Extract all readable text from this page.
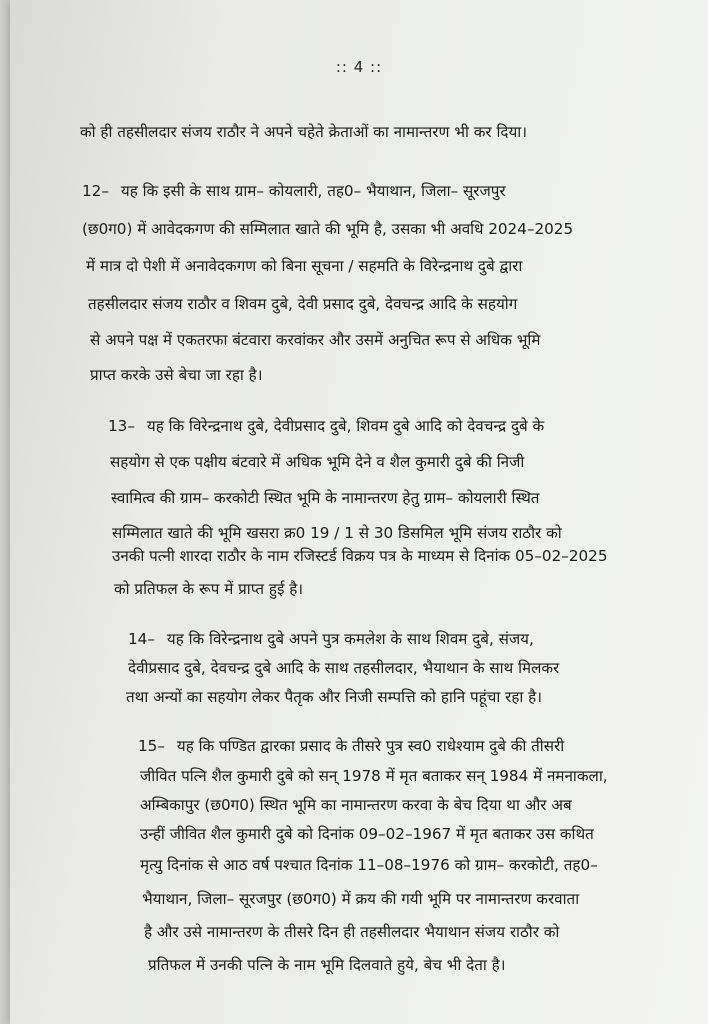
:: 4 ::
को ही तहसीलदार संजय राठौर ने अपने चहेते क्रेताओं का नामान्तरण भी कर दिया।
12– यह कि इसी के साथ ग्राम– कोयलारी, तह0– भैयाथान, जिला– सूरजपुर
(छ0ग0) में आवेदकगण की सम्मिलात खाते की भूमि है, उसका भी अवधि 2024–2025
में मात्र दो पेशी में अनावेदकगण को बिना सूचना / सहमति के विरेन्द्रनाथ दुबे द्वारा
तहसीलदार संजय राठौर व शिवम दुबे, देवी प्रसाद दुबे, देवचन्द्र आदि के सहयोग
से अपने पक्ष में एकतरफा बंटवारा करवांकर और उसमें अनुचित रूप से अधिक भूमि
प्राप्त करके उसे बेचा जा रहा है।
13– यह कि विरेन्द्रनाथ दुबे, देवीप्रसाद दुबे, शिवम दुबे आदि को देवचन्द्र दुबे के
सहयोग से एक पक्षीय बंटवारे में अधिक भूमि देने व शैल कुमारी दुबे की निजी
स्वामित्व की ग्राम– करकोटी स्थित भूमि के नामान्तरण हेतु ग्राम– कोयलारी स्थित
सम्मिलात खाते की भूमि खसरा क्र0 19 / 1 से 30 डिसमिल भूमि संजय राठौर को
उनकी पत्नी शारदा राठौर के नाम रजिस्टर्ड विक्रय पत्र के माध्यम से दिनांक 05–02–2025
को प्रतिफल के रूप में प्राप्त हुई है।
14– यह कि विरेन्द्रनाथ दुबे अपने पुत्र कमलेश के साथ शिवम दुबे, संजय,
देवीप्रसाद दुबे, देवचन्द्र दुबे आदि के साथ तहसीलदार, भैयाथान के साथ मिलकर
तथा अन्यों का सहयोग लेकर पैतृक और निजी सम्पत्ति को हानि पहूंचा रहा है।
15– यह कि पण्डित द्वारका प्रसाद के तीसरे पुत्र स्व0 राधेश्याम दुबे की तीसरी
जीवित पत्नि शैल कुमारी दुबे को सन् 1978 में मृत बताकर सन् 1984 में नमनाकला,
अम्बिकापुर (छ0ग0) स्थित भूमि का नामान्तरण करवा के बेच दिया था और अब
उन्हीं जीवित शैल कुमारी दुबे को दिनांक 09–02–1967 में मृत बताकर उस कथित
मृत्यु दिनांक से आठ वर्ष पश्चात दिनांक 11–08–1976 को ग्राम– करकोटी, तह0–
भैयाथान, जिला– सूरजपुर (छ0ग0) में क्रय की गयी भूमि पर नामान्तरण करवाता
है और उसे नामान्तरण के तीसरे दिन ही तहसीलदार भैयाथान संजय राठौर को
प्रतिफल में उनकी पत्नि के नाम भूमि दिलवाते हुये, बेच भी देता है।
